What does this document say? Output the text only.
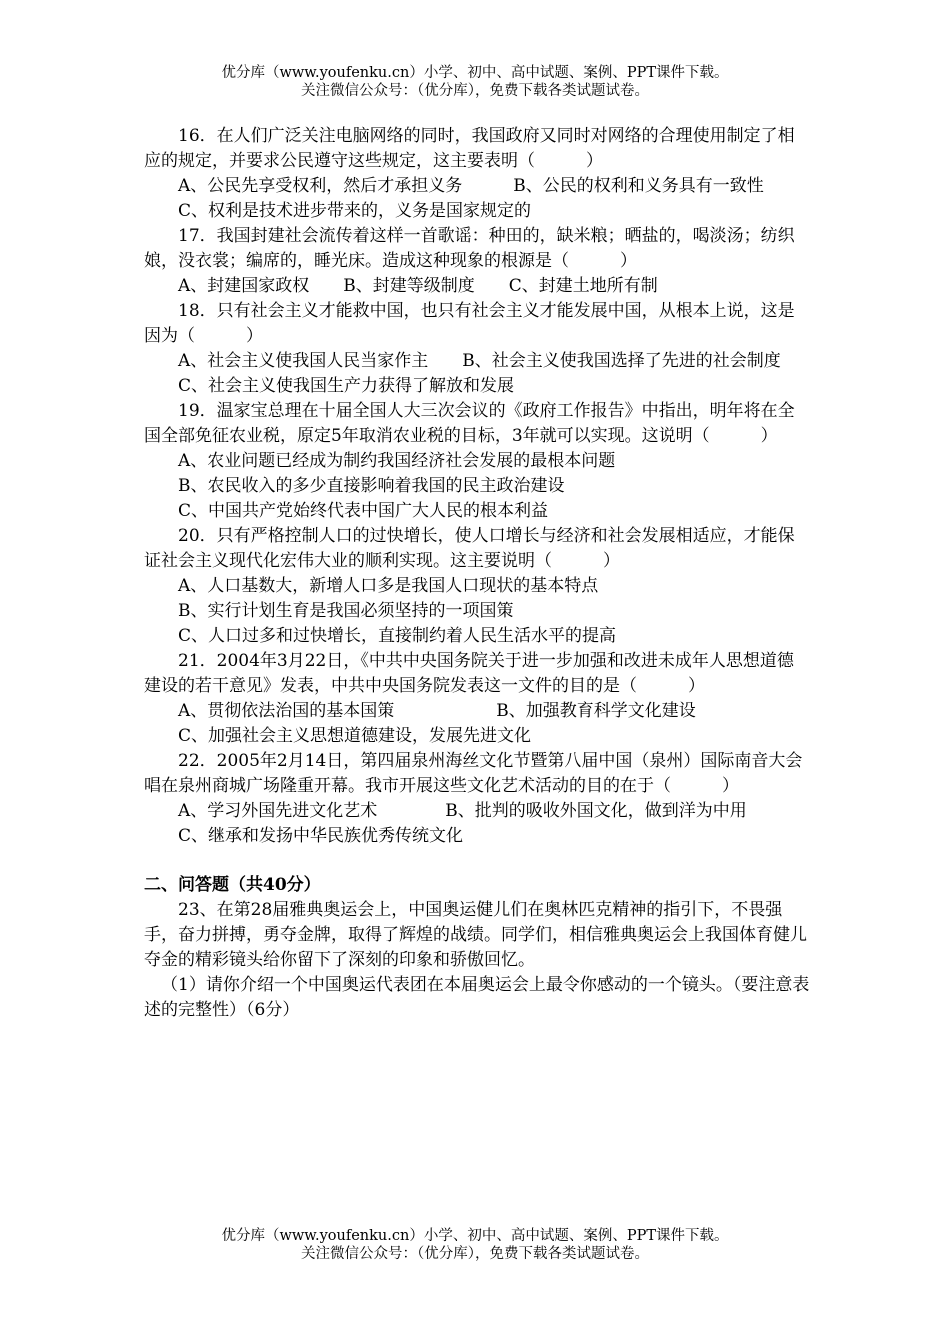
优分库（www.youfenku.cn）小学、初中、高中试题、案例、PPT课件下载。
关注微信公众号：（优分库），免费下载各类试题试卷。

16．在人们广泛关注电脑网络的同时，我国政府又同时对网络的合理使用制定了相应的规定，并要求公民遵守这些规定，这主要表明（　　　）

A、公民先享受权利，然后才承担义务　　　B、公民的权利和义务具有一致性

C、权利是技术进步带来的，义务是国家规定的

17．我国封建社会流传着这样一首歌谣：种田的，缺米粮；晒盐的，喝淡汤；纺织娘，没衣裳；编席的，睡光床。造成这种现象的根源是（　　　）

A、封建国家政权　　B、封建等级制度　　C、封建土地所有制

18．只有社会主义才能救中国，也只有社会主义才能发展中国，从根本上说，这是因为（　　　）

A、社会主义使我国人民当家作主　　B、社会主义使我国选择了先进的社会制度

C、社会主义使我国生产力获得了解放和发展

19．温家宝总理在十届全国人大三次会议的《政府工作报告》中指出，明年将在全国全部免征农业税，原定5年取消农业税的目标，3年就可以实现。这说明（　　　）

A、农业问题已经成为制约我国经济社会发展的最根本问题

B、农民收入的多少直接影响着我国的民主政治建设

C、中国共产党始终代表中国广大人民的根本利益

20．只有严格控制人口的过快增长，使人口增长与经济和社会发展相适应，才能保证社会主义现代化宏伟大业的顺利实现。这主要说明（　　　）

A、人口基数大，新增人口多是我国人口现状的基本特点

B、实行计划生育是我国必须坚持的一项国策

C、人口过多和过快增长，直接制约着人民生活水平的提高

21．2004年3月22日，《中共中央国务院关于进一步加强和改进未成年人思想道德建设的若干意见》发表，中共中央国务院发表这一文件的目的是（　　　）

A、贯彻依法治国的基本国策　　　　　　B、加强教育科学文化建设

C、加强社会主义思想道德建设，发展先进文化

22．2005年2月14日，第四届泉州海丝文化节暨第八届中国（泉州）国际南音大会唱在泉州商城广场隆重开幕。我市开展这些文化艺术活动的目的在于（　　　）

A、学习外国先进文化艺术　　　　B、批判的吸收外国文化，做到洋为中用

C、继承和发扬中华民族优秀传统文化

二、问答题（共40分）

23、在第28届雅典奥运会上，中国奥运健儿们在奥林匹克精神的指引下，不畏强手，奋力拼搏，勇夺金牌，取得了辉煌的战绩。同学们，相信雅典奥运会上我国体育健儿夺金的精彩镜头给你留下了深刻的印象和骄傲回忆。

（1）请你介绍一个中国奥运代表团在本届奥运会上最令你感动的一个镜头。（要注意表述的完整性）（6分）

优分库（www.youfenku.cn）小学、初中、高中试题、案例、PPT课件下载。
关注微信公众号：（优分库），免费下载各类试题试卷。
